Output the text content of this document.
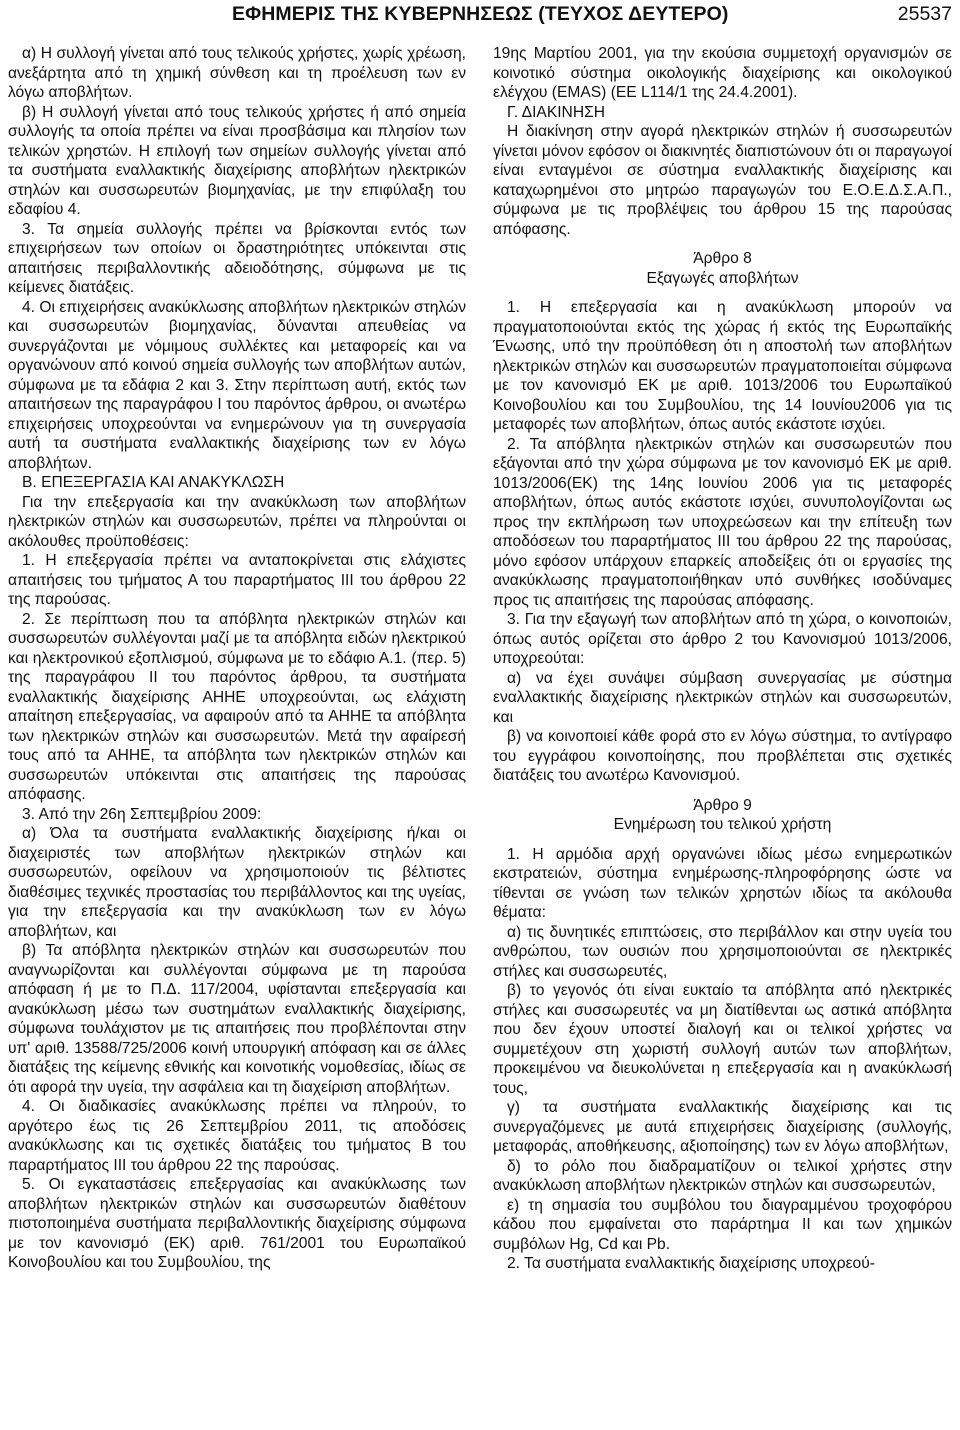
ΕΦΗΜΕΡΙΣ ΤΗΣ ΚΥΒΕΡΝΗΣΕΩΣ (ΤΕΥΧΟΣ ΔΕΥΤΕΡΟ)	25537

α) Η συλλογή γίνεται από τους τελικούς χρήστες, χωρίς χρέωση, ανεξάρτητα από τη χημική σύνθεση και τη προέλευση των εν λόγω αποβλήτων.

β) Η συλλογή γίνεται από τους τελικούς χρήστες ή από σημεία συλλογής τα οποία πρέπει να είναι προσβάσιμα και πλησίον των τελικών χρηστών. Η επιλογή των σημείων συλλογής γίνεται από τα συστήματα εναλλακτικής διαχείρισης αποβλήτων ηλεκτρικών στηλών και συσσωρευτών βιομηχανίας, με την επιφύλαξη του εδαφίου 4.

3. Τα σημεία συλλογής πρέπει να βρίσκονται εντός των επιχειρήσεων των οποίων οι δραστηριότητες υπόκεινται στις απαιτήσεις περιβαλλοντικής αδειοδότησης, σύμφωνα με τις κείμενες διατάξεις.

4. Οι επιχειρήσεις ανακύκλωσης αποβλήτων ηλεκτρικών στηλών και συσσωρευτών βιομηχανίας, δύνανται απευθείας να συνεργάζονται με νόμιμους συλλέκτες και μεταφορείς και να οργανώνουν από κοινού σημεία συλλογής των αποβλήτων αυτών, σύμφωνα με τα εδάφια 2 και 3. Στην περίπτωση αυτή, εκτός των απαιτήσεων της παραγράφου Ι του παρόντος άρθρου, οι ανωτέρω επιχειρήσεις υποχρεούνται να ενημερώνουν για τη συνεργασία αυτή τα συστήματα εναλλακτικής διαχείρισης των εν λόγω αποβλήτων.

Β. ΕΠΕΞΕΡΓΑΣΙΑ ΚΑΙ ΑΝΑΚΥΚΛΩΣΗ

Για την επεξεργασία και την ανακύκλωση των αποβλήτων ηλεκτρικών στηλών και συσσωρευτών, πρέπει να πληρούνται οι ακόλουθες προϋποθέσεις:

1. Η επεξεργασία πρέπει να ανταποκρίνεται στις ελάχιστες απαιτήσεις του τμήματος Α του παραρτήματος III του άρθρου 22 της παρούσας.

2. Σε περίπτωση που τα απόβλητα ηλεκτρικών στηλών και συσσωρευτών συλλέγονται μαζί με τα απόβλητα ειδών ηλεκτρικού και ηλεκτρονικού εξοπλισμού, σύμφωνα με το εδάφιο Α.1. (περ. 5) της παραγράφου ΙΙ του παρόντος άρθρου, τα συστήματα εναλλακτικής διαχείρισης ΑΗΗΕ υποχρεούνται, ως ελάχιστη απαίτηση επεξεργασίας, να αφαιρούν από τα ΑΗΗΕ τα απόβλητα των ηλεκτρικών στηλών και συσσωρευτών. Μετά την αφαίρεσή τους από τα ΑΗΗΕ, τα απόβλητα των ηλεκτρικών στηλών και συσσωρευτών υπόκεινται στις απαιτήσεις της παρούσας απόφασης.

3. Από την 26η Σεπτεμβρίου 2009:

α) Όλα τα συστήματα εναλλακτικής διαχείρισης ή/και οι διαχειριστές των αποβλήτων ηλεκτρικών στηλών και συσσωρευτών, οφείλουν να χρησιμοποιούν τις βέλτιστες διαθέσιμες τεχνικές προστασίας του περιβάλλοντος και της υγείας, για την επεξεργασία και την ανακύκλωση των εν λόγω αποβλήτων, και

β) Τα απόβλητα ηλεκτρικών στηλών και συσσωρευτών που αναγνωρίζονται και συλλέγονται σύμφωνα με τη παρούσα απόφαση ή με το Π.Δ. 117/2004, υφίστανται επεξεργασία και ανακύκλωση μέσω των συστημάτων εναλλακτικής διαχείρισης, σύμφωνα τουλάχιστον με τις απαιτήσεις που προβλέπονται στην υπ' αριθ. 13588/725/2006 κοινή υπουργική απόφαση και σε άλλες διατάξεις της κείμενης εθνικής και κοινοτικής νομοθεσίας, ιδίως σε ότι αφορά την υγεία, την ασφάλεια και τη διαχείριση αποβλήτων.

4. Οι διαδικασίες ανακύκλωσης πρέπει να πληρούν, το αργότερο έως τις 26 Σεπτεμβρίου 2011, τις αποδόσεις ανακύκλωσης και τις σχετικές διατάξεις του τμήματος Β του παραρτήματος III του άρθρου 22 της παρούσας.

5. Οι εγκαταστάσεις επεξεργασίας και ανακύκλωσης των αποβλήτων ηλεκτρικών στηλών και συσσωρευτών διαθέτουν πιστοποιημένα συστήματα περιβαλλοντικής διαχείρισης σύμφωνα με τον κανονισμό (ΕΚ) αριθ. 761/2001 του Ευρωπαϊκού Κοινοβουλίου και του Συμβουλίου, της

19ης Μαρτίου 2001, για την εκούσια συμμετοχή οργανισμών σε κοινοτικό σύστημα οικολογικής διαχείρισης και οικολογικού ελέγχου (EMAS) (ΕΕ L114/1 της 24.4.2001).

Γ. ΔΙΑΚΙΝΗΣΗ

Η διακίνηση στην αγορά ηλεκτρικών στηλών ή συσσωρευτών γίνεται μόνον εφόσον οι διακινητές διαπιστώνουν ότι οι παραγωγοί είναι ενταγμένοι σε σύστημα εναλλακτικής διαχείρισης και καταχωρημένοι στο μητρώο παραγωγών του Ε.Ο.Ε.Δ.Σ.Α.Π., σύμφωνα με τις προβλέψεις του άρθρου 15 της παρούσας απόφασης.

Άρθρο 8

Εξαγωγές αποβλήτων

1. Η επεξεργασία και η ανακύκλωση μπορούν να πραγματοποιούνται εκτός της χώρας ή εκτός της Ευρωπαϊκής Ένωσης, υπό την προϋπόθεση ότι η αποστολή των αποβλήτων ηλεκτρικών στηλών και συσσωρευτών πραγματοποιείται σύμφωνα με τον κανονισμό ΕΚ με αριθ. 1013/2006 του Ευρωπαϊκού Κοινοβουλίου και του Συμβουλίου, της 14 Ιουνίου2006 για τις μεταφορές των αποβλήτων, όπως αυτός εκάστοτε ισχύει.

2. Τα απόβλητα ηλεκτρικών στηλών και συσσωρευτών που εξάγονται από την χώρα σύμφωνα με τον κανονισμό ΕΚ με αριθ. 1013/2006(ΕΚ) της 14ης Ιουνίου 2006 για τις μεταφορές αποβλήτων, όπως αυτός εκάστοτε ισχύει, συνυπολογίζονται ως προς την εκπλήρωση των υποχρεώσεων και την επίτευξη των αποδόσεων του παραρτήματος III του άρθρου 22 της παρούσας, μόνο εφόσον υπάρχουν επαρκείς αποδείξεις ότι οι εργασίες της ανακύκλωσης πραγματοποιήθηκαν υπό συνθήκες ισοδύναμες προς τις απαιτήσεις της παρούσας απόφασης.

3. Για την εξαγωγή των αποβλήτων από τη χώρα, ο κοινοποιών, όπως αυτός ορίζεται στο άρθρο 2 του Κανονισμού 1013/2006, υποχρεούται:

α) να έχει συνάψει σύμβαση συνεργασίας με σύστημα εναλλακτικής διαχείρισης ηλεκτρικών στηλών και συσσωρευτών, και

β) να κοινοποιεί κάθε φορά στο εν λόγω σύστημα, το αντίγραφο του εγγράφου κοινοποίησης, που προβλέπεται στις σχετικές διατάξεις του ανωτέρω Κανονισμού.

Άρθρο 9

Ενημέρωση του τελικού χρήστη

1. Η αρμόδια αρχή οργανώνει ιδίως μέσω ενημερωτικών εκστρατειών, σύστημα ενημέρωσης-πληροφόρησης ώστε να τίθενται σε γνώση των τελικών χρηστών ιδίως τα ακόλουθα θέματα:

α) τις δυνητικές επιπτώσεις, στο περιβάλλον και στην υγεία του ανθρώπου, των ουσιών που χρησιμοποιούνται σε ηλεκτρικές στήλες και συσσωρευτές,

β) το γεγονός ότι είναι ευκταίο τα απόβλητα από ηλεκτρικές στήλες και συσσωρευτές να μη διατίθενται ως αστικά απόβλητα που δεν έχουν υποστεί διαλογή και οι τελικοί χρήστες να συμμετέχουν στη χωριστή συλλογή αυτών των αποβλήτων, προκειμένου να διευκολύνεται η επεξεργασία και η ανακύκλωσή τους,

γ) τα συστήματα εναλλακτικής διαχείρισης και τις συνεργαζόμενες με αυτά επιχειρήσεις διαχείρισης (συλλογής, μεταφοράς, αποθήκευσης, αξιοποίησης) των εν λόγω αποβλήτων,

δ) το ρόλο που διαδραματίζουν οι τελικοί χρήστες στην ανακύκλωση αποβλήτων ηλεκτρικών στηλών και συσσωρευτών,

ε) τη σημασία του συμβόλου του διαγραμμένου τροχοφόρου κάδου που εμφαίνεται στο παράρτημα ΙΙ και των χημικών συμβόλων Hg, Cd και Pb.

2. Τα συστήματα εναλλακτικής διαχείρισης υποχρεού-
